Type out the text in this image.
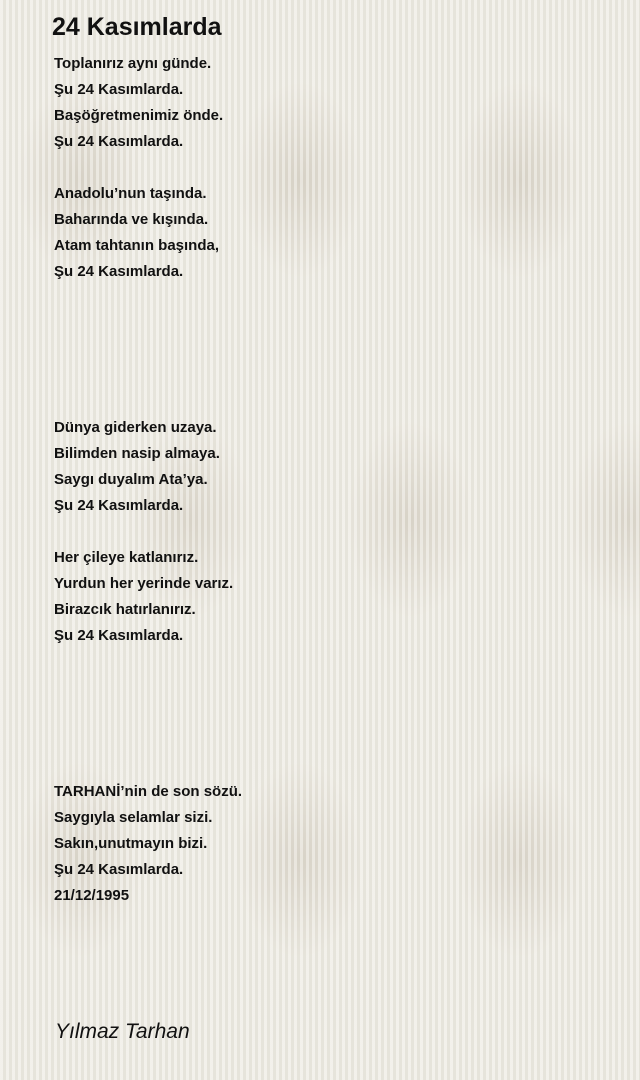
24 Kasımlarda
Toplanırız aynı günde.
Şu 24 Kasımlarda.
Başöğretmenimiz önde.
Şu 24 Kasımlarda.
Anadolu’nun taşında.
Baharında ve kışında.
Atam tahtanın başında,
Şu 24 Kasımlarda.
Dünya giderken uzaya.
Bilimden nasip almaya.
Saygı duyalım Ata’ya.
Şu 24 Kasımlarda.
Her çileye katlanırız.
Yurdun her yerinde varız.
Birazcık hatırlanırız.
Şu 24 Kasımlarda.
TARHANİ’nin de son sözü.
Saygıyla selamlar sizi.
Sakın,unutmayın bizi.
Şu 24 Kasımlarda.
21/12/1995
Yılmaz Tarhan
